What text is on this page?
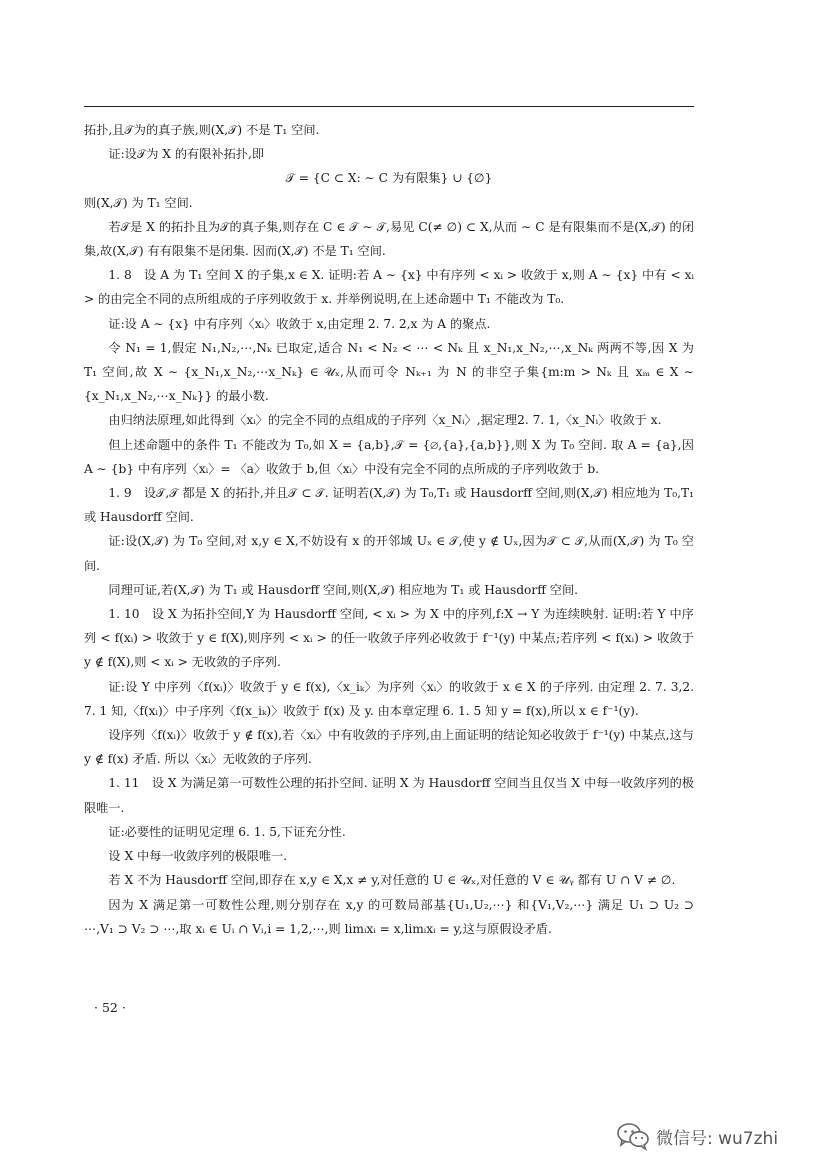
拓扑,且𝒯为的真子族,则(X,𝒯) 不是 T₁ 空间.

证:设𝒯为 X 的有限补拓扑,即

𝒯 = {C ⊂ X: ∼ C 为有限集} ∪ {∅}

则(X,𝒯) 为 T₁ 空间.

若𝒯是 X 的拓扑且为𝒯的真子集,则存在 C ∈ 𝒯 ∼ 𝒯,易见 C(≠ ∅) ⊂ X,从而 ∼ C 是有限集而不是(X,𝒯) 的闭集,故(X,𝒯) 有有限集不是闭集. 因而(X,𝒯) 不是 T₁ 空间.

1. 8　设 A 为 T₁ 空间 X 的子集,x ∈ X. 证明:若 A ∼ {x} 中有序列 < xᵢ > 收敛于 x,则 A ∼ {x} 中有 < xᵢ > 的由完全不同的点所组成的子序列收敛于 x. 并举例说明,在上述命题中 T₁ 不能改为 T₀.

证:设 A ∼ {x} 中有序列〈xᵢ〉收敛于 x,由定理 2. 7. 2,x 为 A 的聚点.

令 N₁ = 1,假定 N₁,N₂,⋯,Nₖ 已取定,适合 N₁ < N₂ < ⋯ < Nₖ 且 x_N₁,x_N₂,⋯,x_Nₖ 两两不等,因 X 为 T₁ 空间,故 X ∼ {x_N₁,x_N₂,⋯x_Nₖ} ∈ 𝒰ₓ,从而可令 Nₖ₊₁ 为 N 的非空子集{m:m > Nₖ 且 xₘ ∈ X ∼ {x_N₁,x_N₂,⋯x_Nₖ}} 的最小数.

由归纳法原理,如此得到〈xᵢ〉的完全不同的点组成的子序列〈x_Nᵢ〉,据定理2. 7. 1,〈x_Nᵢ〉收敛于 x.

但上述命题中的条件 T₁ 不能改为 T₀,如 X = {a,b},𝒯 = {∅,{a},{a,b}},则 X 为 T₀ 空间. 取 A = {a},因 A ∼ {b} 中有序列〈xᵢ〉= 〈a〉收敛于 b,但〈xᵢ〉中没有完全不同的点所成的子序列收敛于 b.

1. 9　设𝒯,𝒯 都是 X 的拓扑,并且𝒯 ⊂ 𝒯. 证明若(X,𝒯) 为 T₀,T₁ 或 Hausdorff 空间,则(X,𝒯) 相应地为 T₀,T₁ 或 Hausdorff 空间.

证:设(X,𝒯) 为 T₀ 空间,对 x,y ∈ X,不妨设有 x 的开邻域 Uₓ ∈ 𝒯,使 y ∉ Uₓ,因为𝒯 ⊂ 𝒯,从而(X,𝒯) 为 T₀ 空间.

同理可证,若(X,𝒯) 为 T₁ 或 Hausdorff 空间,则(X,𝒯) 相应地为 T₁ 或 Hausdorff 空间.

1. 10　设 X 为拓扑空间,Y 为 Hausdorff 空间, < xᵢ > 为 X 中的序列,f:X → Y 为连续映射. 证明:若 Y 中序列 < f(xᵢ) > 收敛于 y ∈ f(X),则序列 < xᵢ > 的任一收敛子序列必收敛于 f⁻¹(y) 中某点;若序列 < f(xᵢ) > 收敛于 y ∉ f(X),则 < xᵢ > 无收敛的子序列.

证:设 Y 中序列〈f(xᵢ)〉收敛于 y ∈ f(x),〈x_iₖ〉为序列〈xᵢ〉的收敛于 x ∈ X 的子序列. 由定理 2. 7. 3,2. 7. 1 知,〈f(xᵢ)〉中子序列〈f(x_iₖ)〉收敛于 f(x) 及 y. 由本章定理 6. 1. 5 知 y = f(x),所以 x ∈ f⁻¹(y).

设序列〈f(xᵢ)〉收敛于 y ∉ f(x),若〈xᵢ〉中有收敛的子序列,由上面证明的结论知必收敛于 f⁻¹(y) 中某点,这与 y ∉ f(x) 矛盾. 所以〈xᵢ〉无收敛的子序列.

1. 11　设 X 为满足第一可数性公理的拓扑空间. 证明 X 为 Hausdorff 空间当且仅当 X 中每一收敛序列的极限唯一.

证:必要性的证明见定理 6. 1. 5,下证充分性.

设 X 中每一收敛序列的极限唯一.

若 X 不为 Hausdorff 空间,即存在 x,y ∈ X,x ≠ y,对任意的 U ∈ 𝒰ₓ,对任意的 V ∈ 𝒰ᵧ 都有 U ∩ V ≠ ∅.

因为 X 满足第一可数性公理,则分别存在 x,y 的可数局部基{U₁,U₂,⋯} 和{V₁,V₂,⋯} 满足 U₁ ⊃ U₂ ⊃ ⋯,V₁ ⊃ V₂ ⊃ ⋯,取 xᵢ ∈ Uᵢ ∩ Vᵢ,i = 1,2,⋯,则 limᵢxᵢ = x,limᵢxᵢ = y,这与原假设矛盾.

· 52 ·
微信号: wu7zhi
